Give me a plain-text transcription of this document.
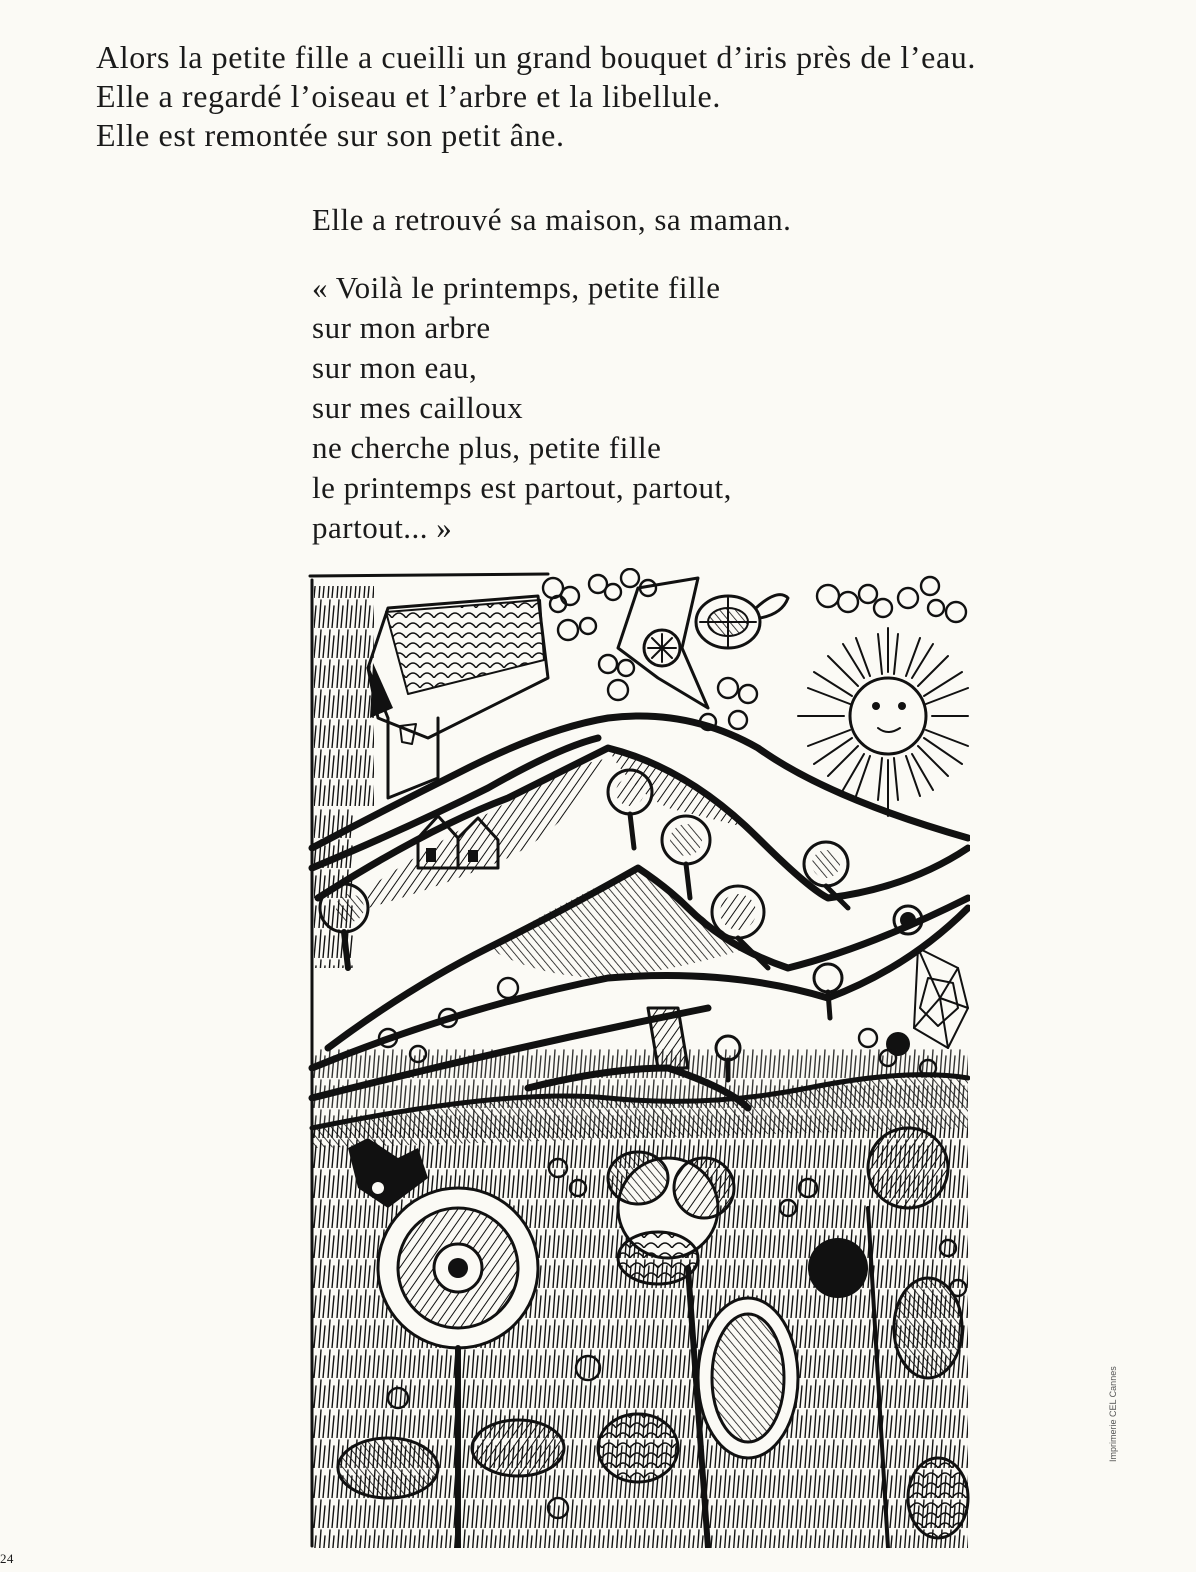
Alors la petite fille a cueilli un grand bouquet d’iris près de l’eau.
Elle a regardé l’oiseau et l’arbre et la libellule.
Elle est remontée sur son petit âne.
Elle a retrouvé sa maison, sa maman.
« Voilà le printemps, petite fille
sur mon arbre
sur mon eau,
sur mes cailloux
ne cherche plus, petite fille
le printemps est partout, partout,
partout... »
24
Imprimerie CEL Cannes
